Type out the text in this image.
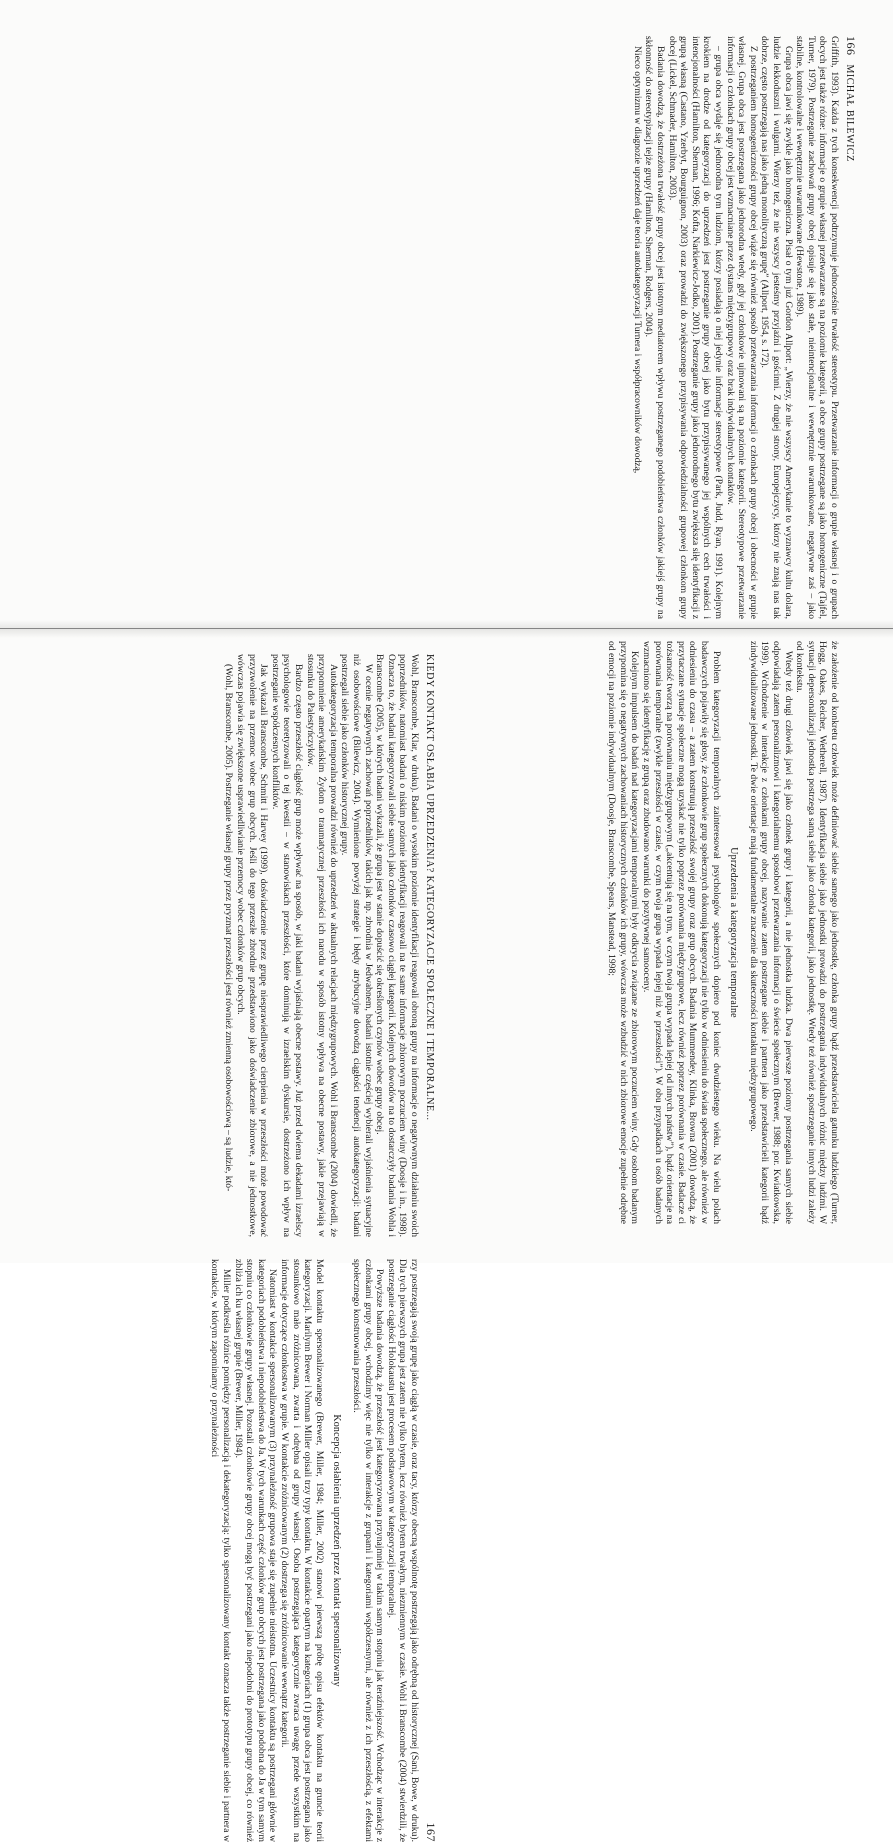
166   MICHAŁ BILEWICZ

Griffith, 1993). Każda z tych konsekwencji podtrzymuje jednocześnie trwałość stereotypu. Przetwarzanie informacji o grupie własnej i o grupach obcych jest także różne: informacje o grupie własnej przetwarzane są na poziomie kategorii, a obce grupy postrzegane są jako homogeniczne (Tajfel, Turner, 1979). Postrzeganie zachowań grupy obcej opisuje się jako stałe, nieintencjonalne i wewnętrznie uwarunkowane, negatywne zaś – jako stabilne, kontrolowalne i wewnętrznie uwarunkowane (Hewstone, 1989).

Grupa obca jawi się zwykle jako homogeniczna. Pisał o tym już Gordon Allport: „Wierzy, że nie wszyscy Amerykanie to wyznawcy kultu dolara, ludzie lekkoduszni i wulgarni. Wierzy też, że nie wszyscy jesteśmy przyjaźni i gościnni. Z drugiej strony, Europejczycy, którzy nie znają nas tak dobrze, często postrzegają nas jako jedną monolityczną grupę” (Allport, 1954, s. 172).

Z postrzeganiem homogeniczności grupy obcej wiąże się również sposób przetwarzania informacji o członkach grupy obcej i obecności w grupie własnej. Grupa obca jest postrzegana jako jednorodna wtedy, gdy jej członkowie ujmowani są na poziomie kategorii. Stereotypowe przetwarzanie informacji o członkach grupy obcej jest wzmacniane przez dystans międzygrupowy oraz brak indywidualnych kontaktów.

– grupa obca wydaje się jednorodna tym ludziom, którzy posiadają o niej jedynie informacje stereotypowe (Park, Judd, Ryan, 1991). Kolejnym krokiem na drodze od kategoryzacji do uprzedzeń jest postrzeganie grupy obcej jako bytu przypisywanego jej wspólnych cech trwałości i intencjonalności (Hamilton, Sherman, 1996; Kofta, Narkiewicz-Jodko, 2001). Postrzeganie grupy jako jednorodnego bytu zwiększa siłę identyfikacji z grupą własną (Castano, Yzerbyt, Bourguignon, 2003) oraz prowadzi do zwiększonego przypisywania odpowiedzialności grupowej członkom grupy obcej (Lickel, Schmader, Hamilton, 2003).

Badania dowodzą, że dostrzeżona trwałość grupy obcej jest istotnym mediatorem wpływu postrzeganego podobieństwa członków jakiejś grupy na skłonność do stereotypizacji tejże grupy (Hamilton, Sherman, Rodgers, 2004).

Nieco optymizmu w diagnozie uprzedzeń daje teoria autokategoryzacji Turnera i współpracowników dowodzą,

że założenie od konkretu człowiek może definiować siebie samego jako jednostkę, członka grupy bądź przedstawiciela gatunku ludzkiego (Turner, Hogg, Oakes, Reicher, Wetherell, 1987). Identyfikacja siebie jako jednostki prowadzi do postrzegania indywidualnych różnic między ludźmi. W sytuacji depersonalizacji jednostka postrzega samą siebie jako członka kategorii, jako jednostkę. Wtedy też również spostrzeganie innych ludzi zależy od kontekstu.

Wtedy też drugi człowiek jawi się jako członek grupy i kategorii, a nie jednostka ludzka. Dwa pierwsze poziomy postrzegania samych siebie odpowiadają zatem personalizmowi i kategorialnemu sposobowi przetwarzania informacji o świecie społecznym (Brewer, 1988; por. Kwiatkowska, 1999). Wchodzenie w interakcje z członkami grupy obcej, nazywanie zatem postrzegane siebie i partnera jako przedstawicieli kategorii bądź zindywidualizowane jednostki. Te dwie orientacje mają fundamentalne znaczenie dla skuteczności kontaktu międzygrupowego.

Uprzedzenia a kategoryzacja temporalne

Problem kategoryzacji temporalnych zainteresował psychologów społecznych dopiero pod koniec dwudziestego wieku. Na wielu polach badawczych pojawiły się głosy, że członkowie grup społecznych dokonują kategoryzacji nie tylko w odniesieniu do świata społecznego, ale również w odniesieniu do czasu – a zatem konstruują przeszłość swojej grupy oraz grup obcych. Badania Mummendey, Klinka, Browna (2001) dowodzą, że przytaczane sytuacje społeczne mogą uzyskać nie tylko poprzez porównania międzygrupowe, lecz również poprzez porównania w czasie. Badacze ci tożsamość tworzą na porównaniu międzygrupowym („akcentują się na tym, w czym twoja grupa wypada lepiej od innych państw”), bądź orientacje na porównania temporalne (zwykle przeszłości w czasie, w czym twoja grupa wypada lepiej niż w przeszłości”). W obu przypadkach u osób badanych wzmacniono się identyfikację z grupą oraz zbudowano warunki do pozytywnej samooceny.

Kolejnym impulsem do badań nad kategoryzacjami temporalnymi były odkrycia związane ze zbiorowym poczuciem winy. Gdy osobom badanym przypomina się o negatywnych zachowaniach historycznych członków ich grupy, wówczas może wzbudzić w nich zbiorowe emocje zupełnie odrębne od emocji na poziomie indywidualnym (Doosje, Branscombe, Spears, Manstead, 1998;

KIEDY KONTAKT OSŁABIA UPRZEDZENIA? KATEGORYZACJE SPOŁECZNE I TEMPORALNE...
167

Wohl, Branscombe, Klar, w druku). Badani o wysokim poziomie identyfikacji reagowali obroną grupy na informacje o negatywnym działaniu swoich poprzedników, natomiast badani o niskim poziomie identyfikacji reagowali na te same informacje zbiorowym poczuciem winy (Doosje i in., 1998). Oznacza to, że badani kategoryzowali siebie samych jako członków czasowo ciągłej kategorii. Kolejnych dowodów na to dostarczyły badania Wohla i Branscombe (2005), w których badani wykazali, że grupa jest w stanie dopuścić się określonych czynów wobec grupy obcej.

W ocenie negatywnych zachowań poprzedników, takich jak np. zbrodnia w Jedwabnem, badani istotnie częściej wybierali wyjaśnienia sytuacyjne niż osobowościowe (Bilewicz, 2004). Wymienione powyżej strategie i błędy atrybucyjne dowodzą ciągłości tendencji autokategoryzacji: badani postrzegali siebie jako członków historycznej grupy.

Autokategoryzacja temporalna prowadzi również do uprzedzeń w aktualnych relacjach międzygrupowych. Wohl i Branscombe (2004) dowiedli, że przypomnienie amerykańskim Żydom o traumatycznej przeszłości ich narodu w sposób istotny wpływa na obecne postawy, jakie przejawiają w stosunku do Palestyńczyków.

Bardzo często przeszłość ciągłość grup może wpływać na sposób, w jaki badani wyjaśniają obecne postawy. Już przed dwiema dekadami izraelscy psychologowie teoretyzowali o tej kwestii – w stanowiskach przeszłości, które dominują w izraelskim dyskursie, dostrzeżono ich wpływ na postrzeganie współczesnych konfliktów.

Jak wykazali Branscombe, Schmitt i Harvey (1999), doświadczenie przez grupę niesprawiedliwego cierpienia w przeszłości może powodować przyzwolenie na przemoc wobec grup obcych. Jeśli do tego przeszłe zbrodnie przedstawiono jako doświadczenie zbiorowe, a nie jednostkowe, wówczas pojawia się zwiększone usprawiedliwianie przemocy wobec członków grup obcych.

(Wohl, Branscombe, 2005). Postrzeganie własnej grupy przez pryzmat przeszłości jest również zmienną osobowościową – są ludzie, któ-

rzy postrzegają swoją grupę jako ciągłą w czasie, oraz tacy, którzy obecną wspólnotę postrzegają jako odrębną od historycznej (Sani, Bowe, w druku). Dla tych pierwszych grupa jest zatem nie tylko bytem, lecz również bytem trwałym, niezmiennym w czasie. Wohl i Branscombe (2004) stwierdzili, że postrzeganie ciągłości Holokaustu jest procesem podstawowym w kategoryzacji temporalnej.

Powyższe badania dowodzą, że przeszłość jest kategoryzowana przynajmniej w takim samym stopniu jak teraźniejszość. Wchodząc w interakcje z członkami grupy obcej, wchodzimy więc nie tylko w interakcje z grupami i kategoriami współczesnymi, ale również z ich przeszłością, z efektami społecznego konstruowania przeszłości.

Koncepcja osłabienia uprzedzeń przez kontakt spersonalizowany

Model kontaktu spersonalizowanego (Brewer, Miller, 1984; Miller, 2002) stanowi pierwszą próbę opisu efektów kontaktu na gruncie teorii kategoryzacji. Marilynn Brewer i Norman Miller opisali trzy typy kontaktu. W kontakcie opartym na kategoriach (1) grupa obca jest postrzegana jako stosunkowo mało zróżnicowana, zwarta i odrębna od grupy własnej. Osoba postrzegająca kategorycznie zwraca uwagę przede wszystkim na informacje dotyczące członkostwa w grupie. W kontakcie zróżnicowanym (2) dostrzega się zróżnicowanie wewnątrz kategorii.

Natomiast w kontakcie spersonalizowanym (3) przynależność grupowa staje się zupełnie nieistotna. Uczestnicy kontaktu są postrzegani głównie w kategoriach podobieństwa i niepodobieństwa do Ja. W tych warunkach część członków grup obcych jest postrzegana jako podobna do Ja w tym samym stopniu co członkowie grupy własnej. Pozostali członkowie grupy obcej mogą być postrzegani jako niepodobni do prototypu grupy obcej, co również zbliża ich ku własnej grupie (Brewer, Miller, 1984).

Miller podkreśla różnice pomiędzy personalizacją i dekategoryzacją: tylko spersonalizowany kontakt oznacza także postrzeganie siebie i partnera w kontakcie, w którym zapominamy o przynależności
